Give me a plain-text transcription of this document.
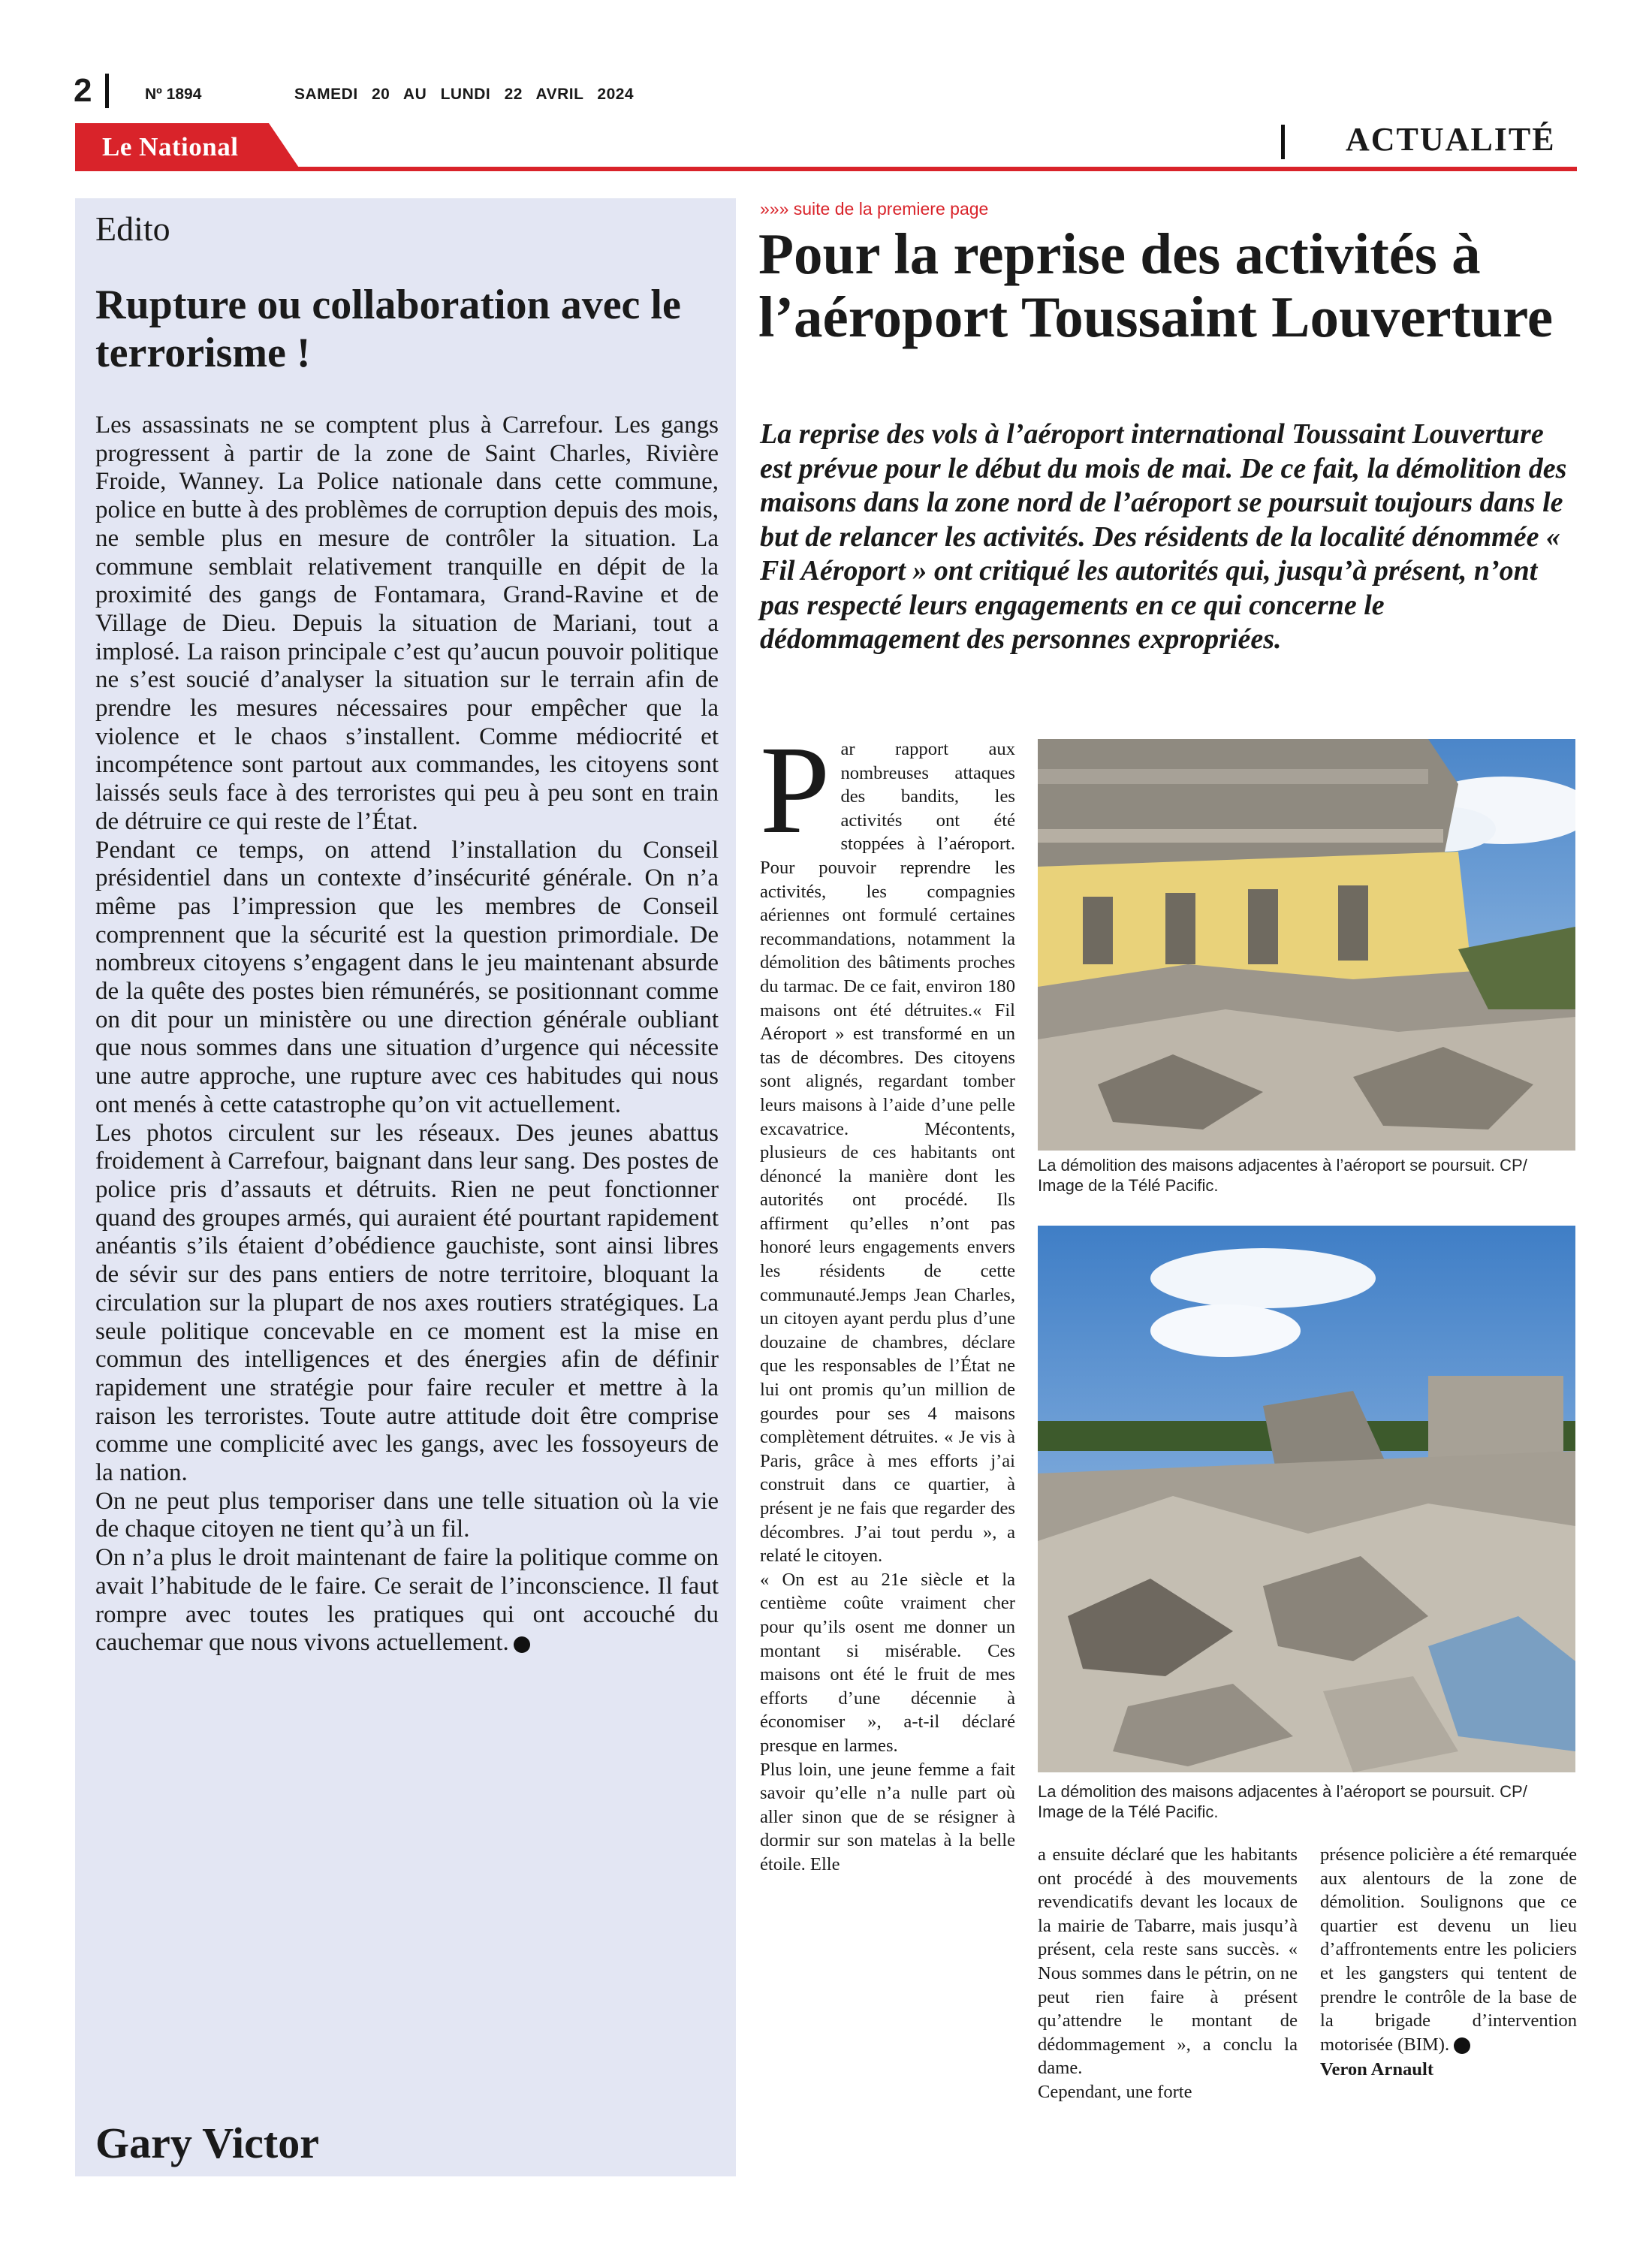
2	Nº 1894	SAMEDI 20 AU LUNDI 22 AVRIL 2024
Le National	ACTUALITÉ
Edito
Rupture ou collaboration avec le terrorisme !

Les assassinats ne se comptent plus à Carrefour. Les gangs progressent à partir de la zone de Saint Charles, Rivière Froide, Wanney. La Police nationale dans cette commune, police en butte à des problèmes de corruption depuis des mois, ne semble plus en mesure de contrôler la situation. La commune semblait relativement tranquille en dépit de la proximité des gangs de Fontamara, Grand-Ravine et de Village de Dieu. Depuis la situation de Mariani, tout a implosé. La raison principale c’est qu’aucun pouvoir politique ne s’est soucié d’analyser la situation sur le terrain afin de prendre les mesures nécessaires pour empêcher que la violence et le chaos s’installent. Comme médiocrité et incompétence sont partout aux commandes, les citoyens sont laissés seuls face à des terroristes qui peu à peu sont en train de détruire ce qui reste de l’État.

Pendant ce temps, on attend l’installation du Conseil présidentiel dans un contexte d’insécurité générale. On n’a même pas l’impression que les membres de Conseil comprennent que la sécurité est la question primordiale. De nombreux citoyens s’engagent dans le jeu maintenant absurde de la quête des postes bien rémunérés, se positionnant comme on dit pour un ministère ou une direction générale oubliant que nous sommes dans une situation d’urgence qui nécessite une autre approche, une rupture avec ces habitudes qui nous ont menés à cette catastrophe qu’on vit actuellement.

Les photos circulent sur les réseaux. Des jeunes abattus froidement à Carrefour, baignant dans leur sang. Des postes de police pris d’assauts et détruits. Rien ne peut fonctionner quand des groupes armés, qui auraient été pourtant rapidement anéantis s’ils étaient d’obédience gauchiste, sont ainsi libres de sévir sur des pans entiers de notre territoire, bloquant la circulation sur la plupart de nos axes routiers stratégiques. La seule politique concevable en ce moment est la mise en commun des intelligences et des énergies afin de définir rapidement une stratégie pour faire reculer et mettre à la raison les terroristes. Toute autre attitude doit être comprise comme une complicité avec les gangs, avec les fossoyeurs de la nation.

On ne peut plus temporiser dans une telle situation où la vie de chaque citoyen ne tient qu’à un fil.

On n’a plus le droit maintenant de faire la politique comme on avait l’habitude de le faire. Ce serait de l’inconscience. Il faut rompre avec toutes les pratiques qui ont accouché du cauchemar que nous vivons actuellement.

Gary Victor
»»» suite de la premiere page
Pour la reprise des activités à l’aéroport Toussaint Louverture
La reprise des vols à l’aéroport international Toussaint Louverture est prévue pour le début du mois de mai. De ce fait, la démolition des maisons dans la zone nord de l’aéroport se poursuit toujours dans le but de relancer les activités. Des résidents de la localité dénommée « Fil Aéroport » ont critiqué les autorités qui, jusqu’à présent, n’ont pas respecté leurs engagements en ce qui concerne le dédommagement des personnes expropriées.

Par rapport aux nombreuses attaques des bandits, les activités ont été stoppées à l’aéroport. Pour pouvoir reprendre les activités, les compagnies aériennes ont formulé certaines recommandations, notamment la démolition des bâtiments proches du tarmac. De ce fait, environ 180 maisons ont été détruites.« Fil Aéroport » est transformé en un tas de décombres. Des citoyens sont alignés, regardant tomber leurs maisons à l’aide d’une pelle excavatrice. Mécontents, plusieurs de ces habitants ont dénoncé la manière dont les autorités ont procédé. Ils affirment qu’elles n’ont pas honoré leurs engagements envers les résidents de cette communauté.Jemps Jean Charles, un citoyen ayant perdu plus d’une douzaine de chambres, déclare que les responsables de l’État ne lui ont promis qu’un million de gourdes pour ses 4 maisons complètement détruites. « Je vis à Paris, grâce à mes efforts j’ai construit dans ce quartier, à présent je ne fais que regarder des décombres. J’ai tout perdu », a relaté le citoyen.

« On est au 21e siècle et la centième coûte vraiment cher pour qu’ils osent me donner un montant si misérable. Ces maisons ont été le fruit de mes efforts d’une décennie à économiser », a-t-il déclaré presque en larmes.

Plus loin, une jeune femme a fait savoir qu’elle n’a nulle part où aller sinon que de se résigner à dormir sur son matelas à la belle étoile. Elle

La démolition des maisons adjacentes à l’aéroport se poursuit. CP/ Image de la Télé Pacific.
La démolition des maisons adjacentes à l’aéroport se poursuit. CP/ Image de la Télé Pacific.

a ensuite déclaré que les habitants ont procédé à des mouvements revendicatifs devant les locaux de la mairie de Tabarre, mais jusqu’à présent, cela reste sans succès. « Nous sommes dans le pétrin, on ne peut rien faire à présent qu’attendre le montant de dédommagement », a conclu la dame.

Cependant, une forte

présence policière a été remarquée aux alentours de la zone de démolition. Soulignons que ce quartier est devenu un lieu d’affrontements entre les policiers et les gangsters qui tentent de prendre le contrôle de la base de la brigade d’intervention motorisée (BIM).

Veron Arnault
